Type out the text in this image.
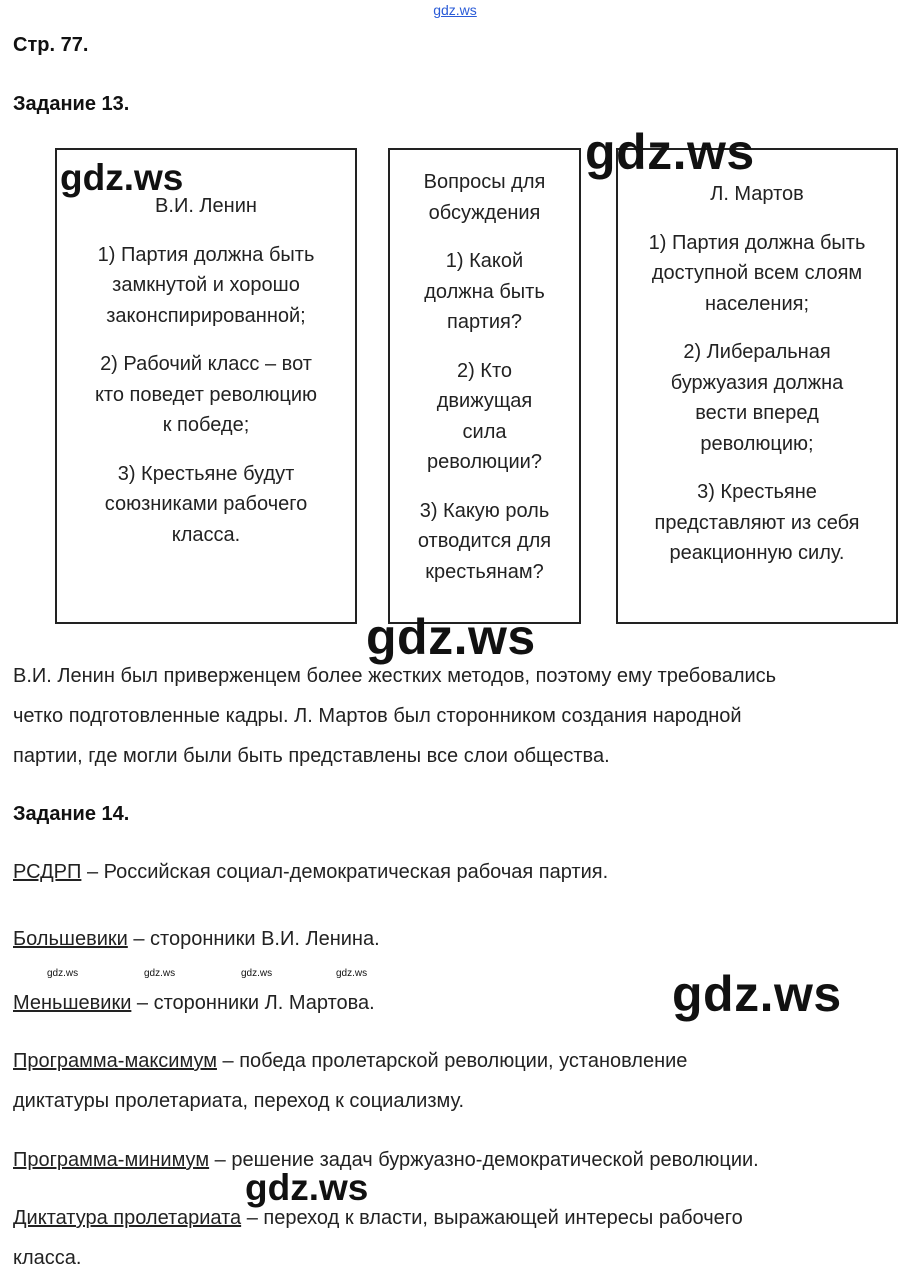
gdz.ws
Стр. 77.
Задание 13.
В.И. Ленин

1) Партия должна быть

замкнутой и хорошо

законспирированной;

2) Рабочий класс – вот

кто поведет революцию

к победе;

3) Крестьяне будут

союзниками рабочего

класса.

Вопросы для

обсуждения

1) Какой

должна быть

партия?

2) Кто

движущая

сила

революции?

3) Какую роль

отводится для

крестьянам?

Л. Мартов

1) Партия должна быть

доступной всем слоям

населения;

2) Либеральная

буржуазия должна

вести вперед

революцию;

3) Крестьяне

представляют из себя

реакционную силу.

gdz.ws	gdz.ws
В.И. Ленин был приверженцем более жестких методов, поэтому ему требовались
четко подготовленные кадры. Л. Мартов был сторонником создания народной
партии, где могли были быть представлены все слои общества.
gdz.ws
Задание 14.
РСДРП – Российская социал-демократическая рабочая партия.
Большевики – сторонники В.И. Ленина.
gdz.ws	gdz.ws	gdz.ws	gdz.ws
Меньшевики – сторонники Л. Мартова.	gdz.ws
Программа-максимум – победа пролетарской революции, установление
диктатуры пролетариата, переход к социализму.
Программа-минимум – решение задач буржуазно-демократической революции.
Диктатура пролетариата – переход к власти, выражающей интересы рабочего
класса.
gdz.ws
